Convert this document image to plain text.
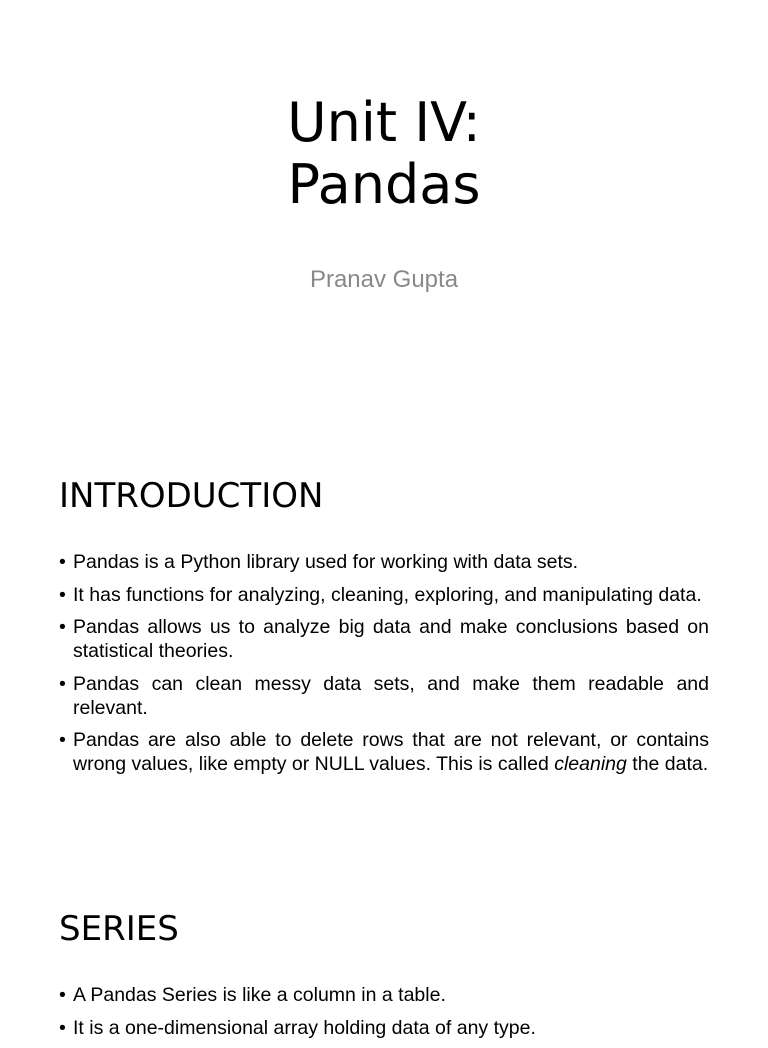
Unit IV:
Pandas
Pranav Gupta
INTRODUCTION
• Pandas is a Python library used for working with data sets.
• It has functions for analyzing, cleaning, exploring, and manipulating data.
• Pandas allows us to analyze big data and make conclusions based on statistical theories.
• Pandas can clean messy data sets, and make them readable and relevant.
• Pandas are also able to delete rows that are not relevant, or contains wrong values, like empty or NULL values. This is called cleaning the data.
SERIES
• A Pandas Series is like a column in a table.
• It is a one-dimensional array holding data of any type.
